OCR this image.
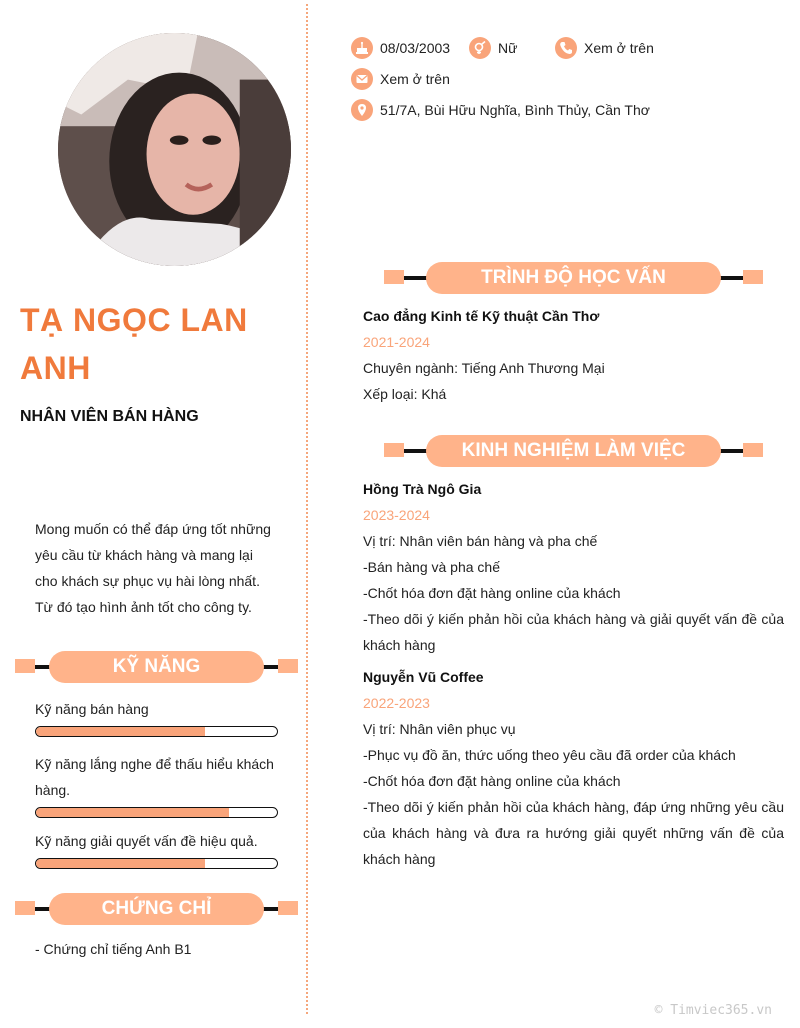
TẠ NGỌC LAN ANH
NHÂN VIÊN BÁN HÀNG
Mong muốn có thể đáp ứng tốt những yêu cầu từ khách hàng và mang lại cho khách sự phục vụ hài lòng nhất. Từ đó tạo hình ảnh tốt cho công ty.
KỸ NĂNG
Kỹ năng bán hàng
Kỹ năng lắng nghe để thấu hiểu khách hàng.
Kỹ năng giải quyết vấn đề hiệu quả.
CHỨNG CHỈ
- Chứng chỉ tiếng Anh B1
08/03/2003	Nữ	Xem ở trên
Xem ở trên
51/7A, Bùi Hữu Nghĩa, Bình Thủy, Cần Thơ
TRÌNH ĐỘ HỌC VẤN
Cao đẳng Kinh tế Kỹ thuật Cần Thơ
2021-2024
Chuyên ngành: Tiếng Anh Thương Mại
Xếp loại: Khá
KINH NGHIỆM LÀM VIỆC
Hồng Trà Ngô Gia
2023-2024

Vị trí: Nhân viên bán hàng và pha chế

-Bán hàng và pha chế

-Chốt hóa đơn đặt hàng online của khách

-Theo dõi ý kiến phản hồi của khách hàng và giải quyết vấn đề của khách hàng

Nguyễn Vũ Coffee
2022-2023

Vị trí: Nhân viên phục vụ

-Phục vụ đồ ăn, thức uống theo yêu cầu đã order của khách

-Chốt hóa đơn đặt hàng online của khách

-Theo dõi ý kiến phản hồi của khách hàng, đáp ứng những yêu cầu của khách hàng và đưa ra hướng giải quyết những vấn đề của khách hàng

© Timviec365.vn
